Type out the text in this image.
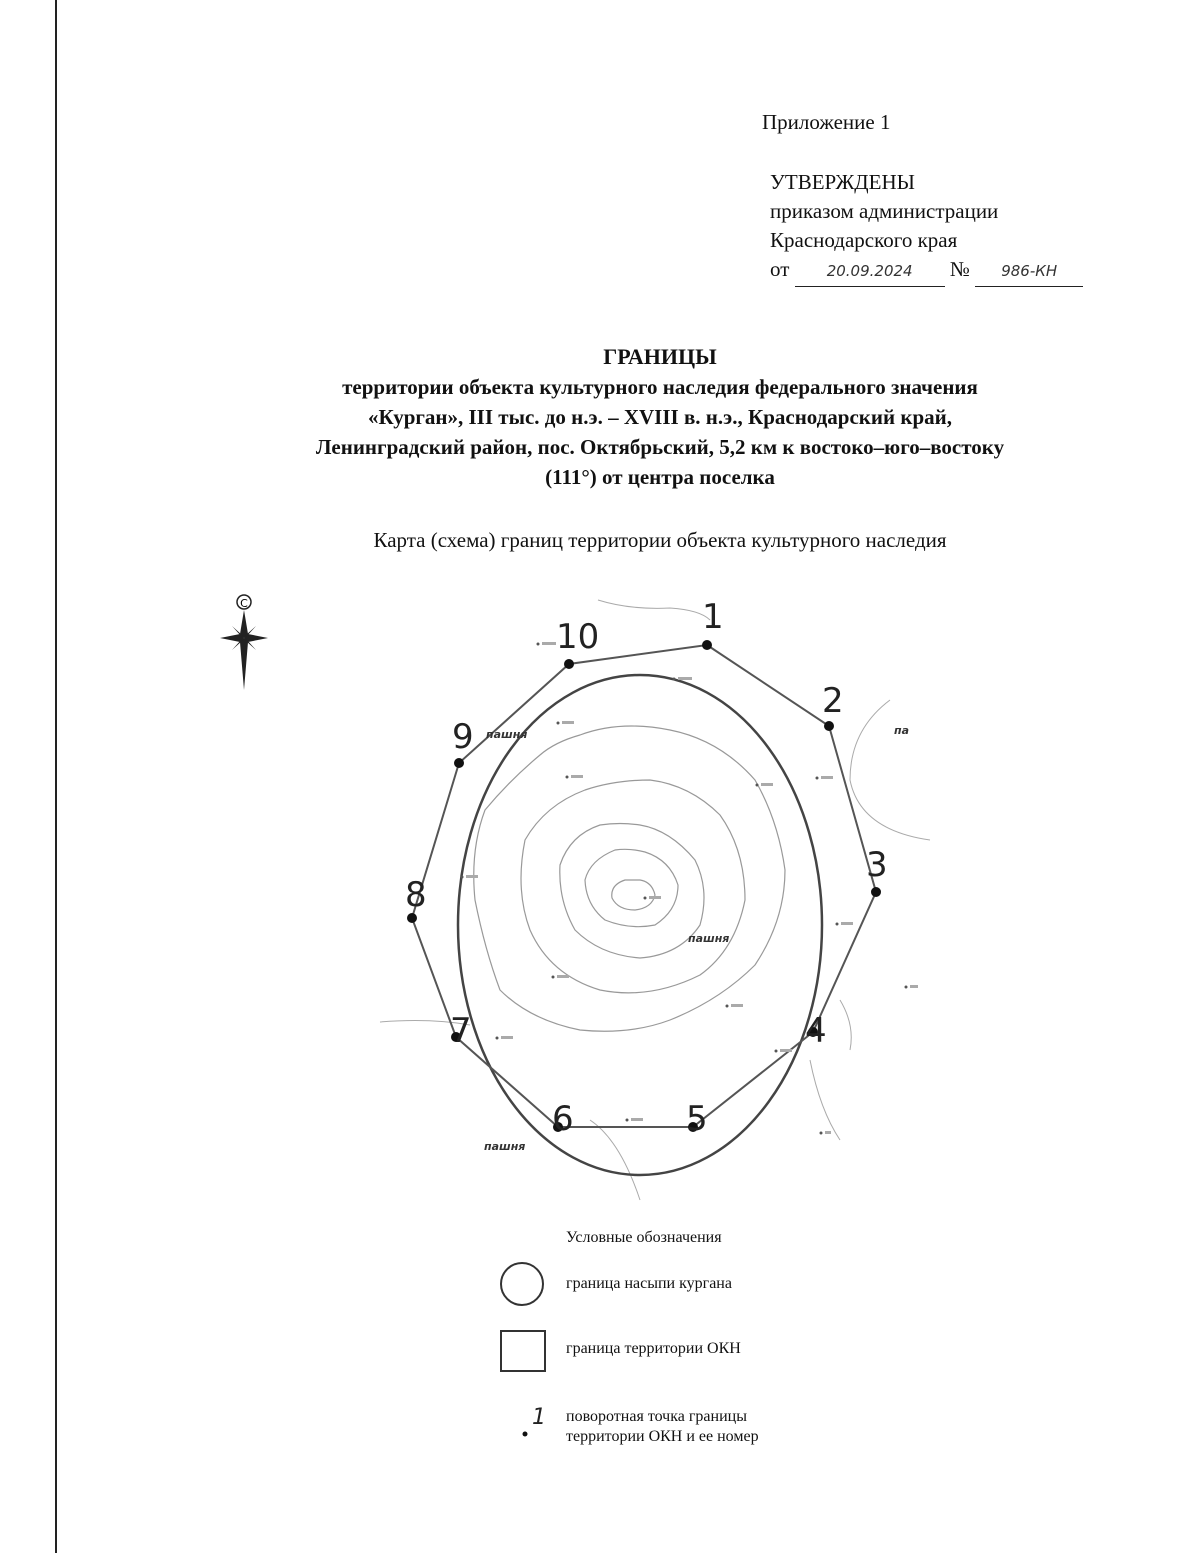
Приложение 1
УТВЕРЖДЕНЫ
приказом администрации
Краснодарского края
от 20.09.2024 № 986-КН
ГРАНИЦЫ
территории объекта культурного наследия федерального значения
«Курган», III тыс. до н.э. – XVIII в. н.э., Краснодарский край,
Ленинградский район, пос. Октябрьский, 5,2 км к востоко–юго–востоку
(111°) от центра поселка
Карта (схема) границ территории объекта культурного наследия
С	1
2
3
4
5
6
7
8
9
10
пашня
пашня
пашня
па
Условные обозначения
граница насыпи кургана
граница территории ОКН
1 поворотная точка границы
территории ОКН и ее номер
